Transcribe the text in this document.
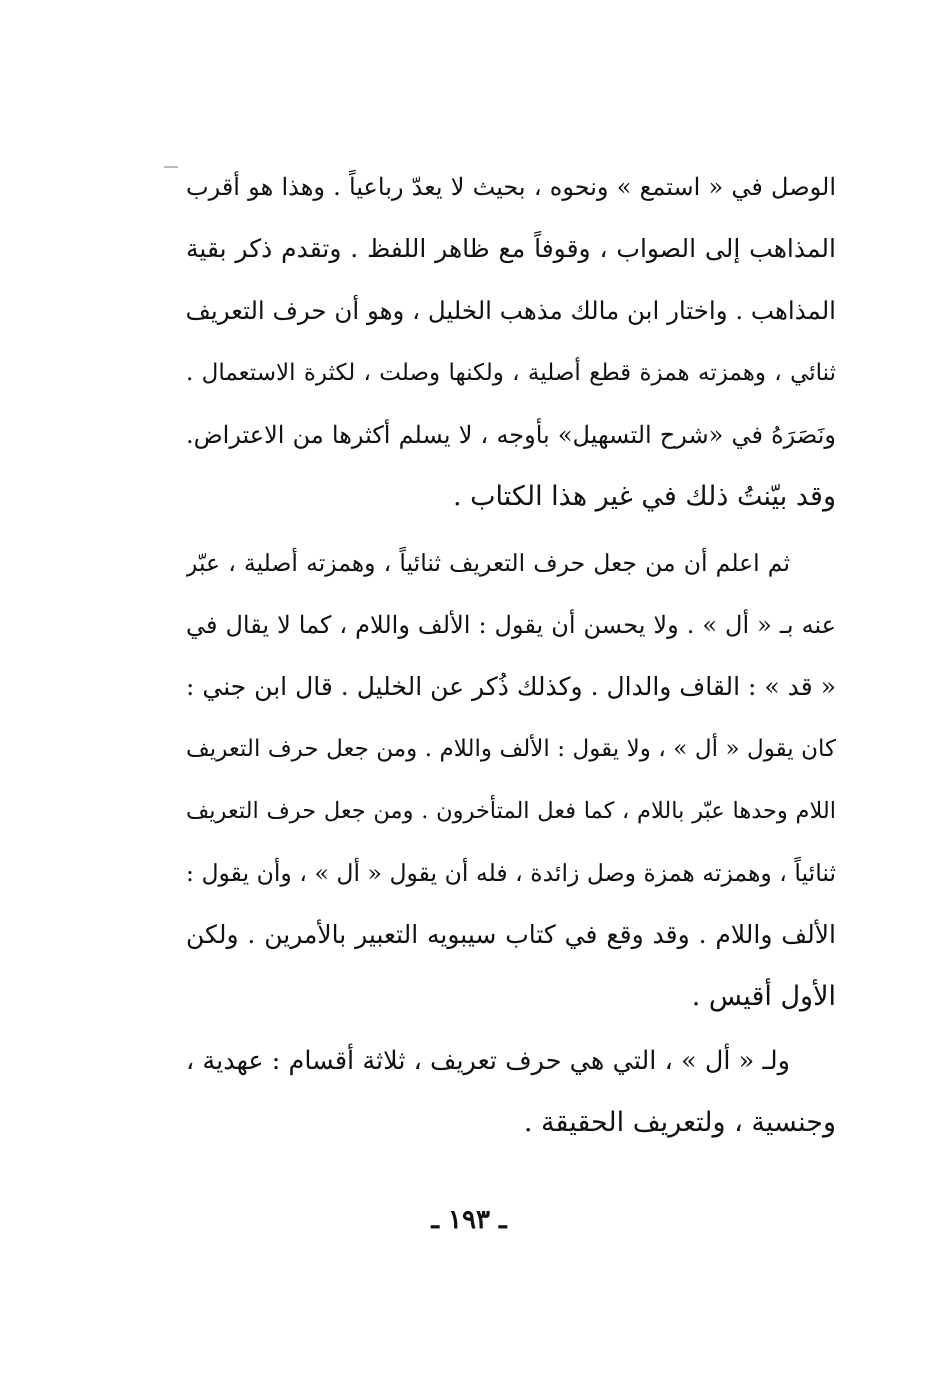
الوصل في « استمع » ونحوه ، بحيث لا يعدّ رباعياً . وهذا هو أقرب
المذاهب إلى الصواب ، وقوفاً مع ظاهر اللفظ . وتقدم ذكر بقية
المذاهب . واختار ابن مالك مذهب الخليل ، وهو أن حرف التعريف
ثنائي ، وهمزته همزة قطع أصلية ، ولكنها وصلت ، لكثرة الاستعمال .
ونَصَرَهُ في «شرح التسهيل» بأوجه ، لا يسلم أكثرها من الاعتراض.
وقد بيّنتُ ذلك في غير هذا الكتاب .
ثم اعلم أن من جعل حرف التعريف ثنائياً ، وهمزته أصلية ، عبّر
عنه بـ « أل » . ولا يحسن أن يقول : الألف واللام ، كما لا يقال في
« قد » : القاف والدال . وكذلك ذُكر عن الخليل . قال ابن جني :
كان يقول « أل » ، ولا يقول : الألف واللام . ومن جعل حرف التعريف
اللام وحدها عبّر باللام ، كما فعل المتأخرون . ومن جعل حرف التعريف
ثنائياً ، وهمزته همزة وصل زائدة ، فله أن يقول « أل » ، وأن يقول :
الألف واللام . وقد وقع في كتاب سيبويه التعبير بالأمرين . ولكن
الأول أقيس .
ولـ « أل » ، التي هي حرف تعريف ، ثلاثة أقسام : عهدية ،
وجنسية ، ولتعريف الحقيقة .
ـ ١٩٣ ـ
